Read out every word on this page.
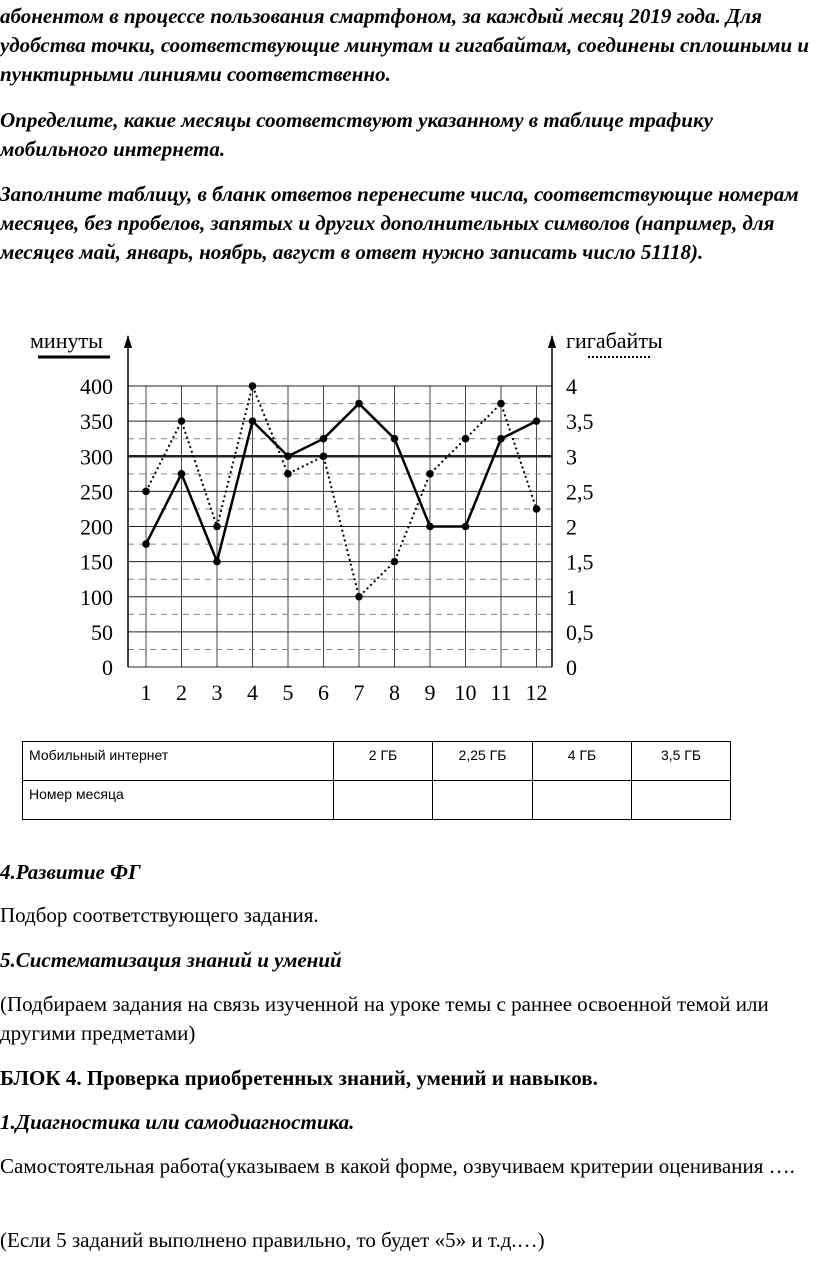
абонентом в процессе пользования смартфоном, за каждый месяц 2019 года. Для удобства точки, соответствующие минутам и гигабайтам, соединены сплошными и пунктирными линиями соответственно.

Определите, какие месяцы соответствуют указанному в таблице трафику мобильного интернета.

Заполните таблицу, в бланк ответов перенесите числа, соответствующие номерам месяцев, без пробелов, запятых и других дополнительных символов (например, для месяцев май, январь, ноябрь, август в ответ нужно записать число 51118).

0
50
100
150
200
250
300
350
400
0
0,5
1
1,5
2
2,5
3
3,5
4
1 2 3 4 5 6 7 8 9 10 11 12
минуты	гигабайты
Мобильный интернет	2 ГБ	2,25 ГБ	4 ГБ	3,5 ГБ

Номер месяца				

4.Развитие ФГ

Подбор соответствующего задания.

5.Систематизация знаний и умений

(Подбираем задания на связь изученной на уроке темы с раннее освоенной темой или другими предметами)

БЛОК 4. Проверка приобретенных знаний, умений и навыков.

1.Диагностика или самодиагностика.

Самостоятельная работа(указываем в какой форме, озвучиваем критерии оценивания ….

(Если 5 заданий выполнено правильно, то будет «5» и т.д.…)
